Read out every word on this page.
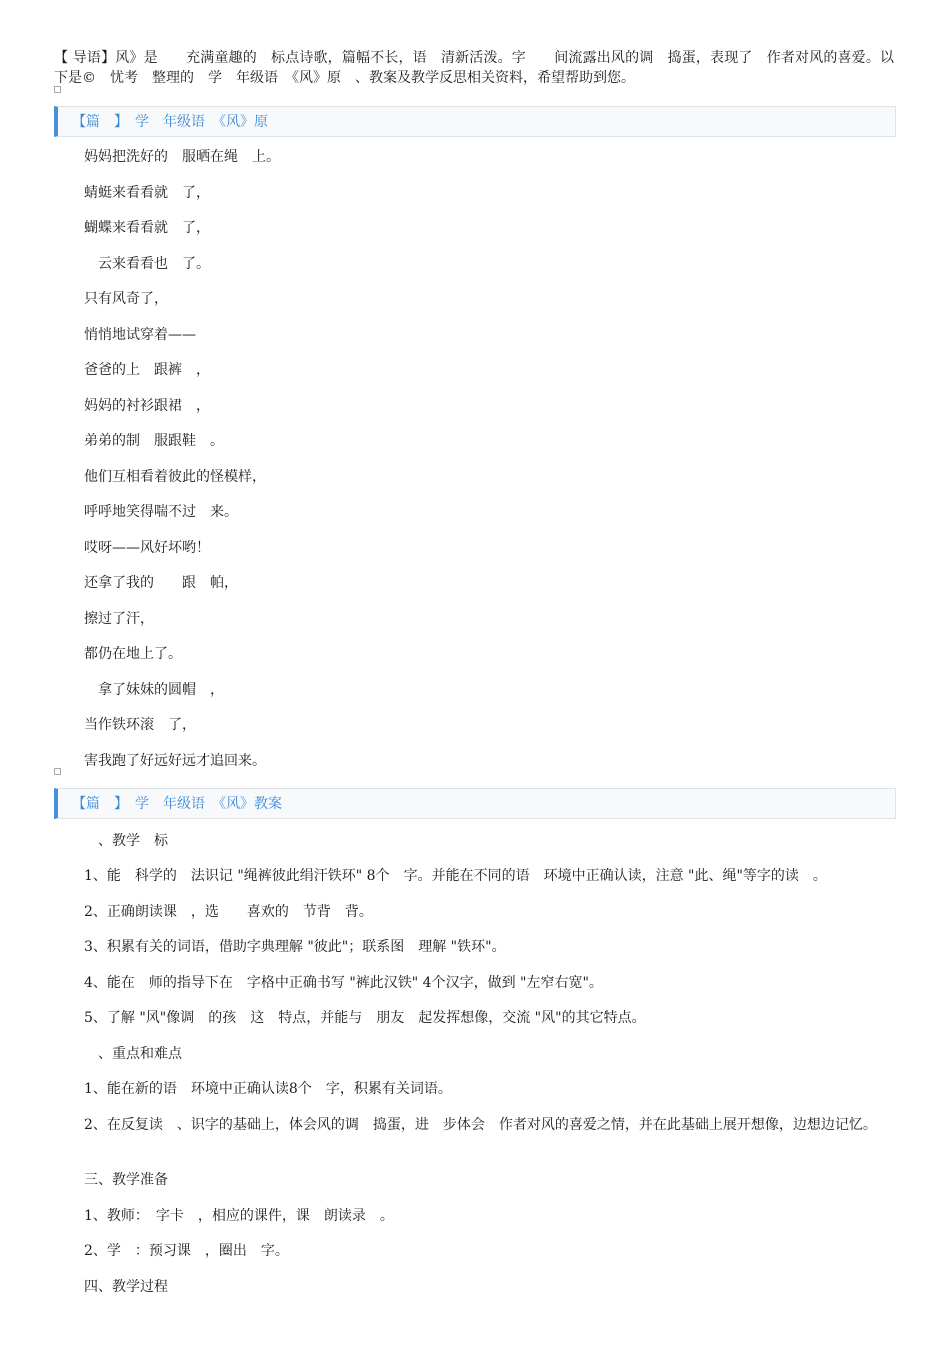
【 导语】风》是　　充满童趣的　标点诗歌，篇幅不长，语　清新活泼。字　　间流露出风的调　捣蛋，表现了　作者对风的喜爱。以下是©　忧考　整理的　学　年级语　《风》原　、教案及教学反思相关资料，希望帮助到您。

【篇　】　学　年级语　《风》原
妈妈把洗好的　服晒在绳　上。
蜻蜓来看看就　了，
蝴蝶来看看就　了，
　云来看看也　了。
只有风奇了，
悄悄地试穿着——
爸爸的上　跟裤　，
妈妈的衬衫跟裙　，
弟弟的制　服跟鞋　。
他们互相看着彼此的怪模样，
呼呼地笑得喘不过　来。
哎呀——风好坏哟！
还拿了我的　　跟　帕，
擦过了汗，
都仍在地上了。
　拿了妹妹的圆帽　，
当作铁环滚　了，
害我跑了好远好远才追回来。
【篇　】　学　年级语　《风》教案
　、教学　标
1、能　科学的　法识记 "绳裤彼此绢汗铁环" 8个　字。并能在不同的语　环境中正确认读，注意 "此、绳"等字的读　。
2、正确朗读课　，选　　喜欢的　节背　背。
3、积累有关的词语，借助字典理解 "彼此"；联系图　理解 "铁环"。
4、能在　师的指导下在　字格中正确书写 "裤此汉铁" 4个汉字，做到 "左窄右宽"。
5、了解 "风"像调　的孩　这　特点，并能与　朋友　起发挥想像，交流 "风"的其它特点。
　、重点和难点
1、能在新的语　环境中正确认读8个　字，积累有关词语。

2、在反复读　、识字的基础上，体会风的调　捣蛋，进　步体会　作者对风的喜爱之情，并在此基础上展开想像，边想边记忆。

三、教学准备
1、教师：　字卡　，相应的课件，课　朗读录　。
2、学　：预习课　，圈出　字。
四、教学过程
